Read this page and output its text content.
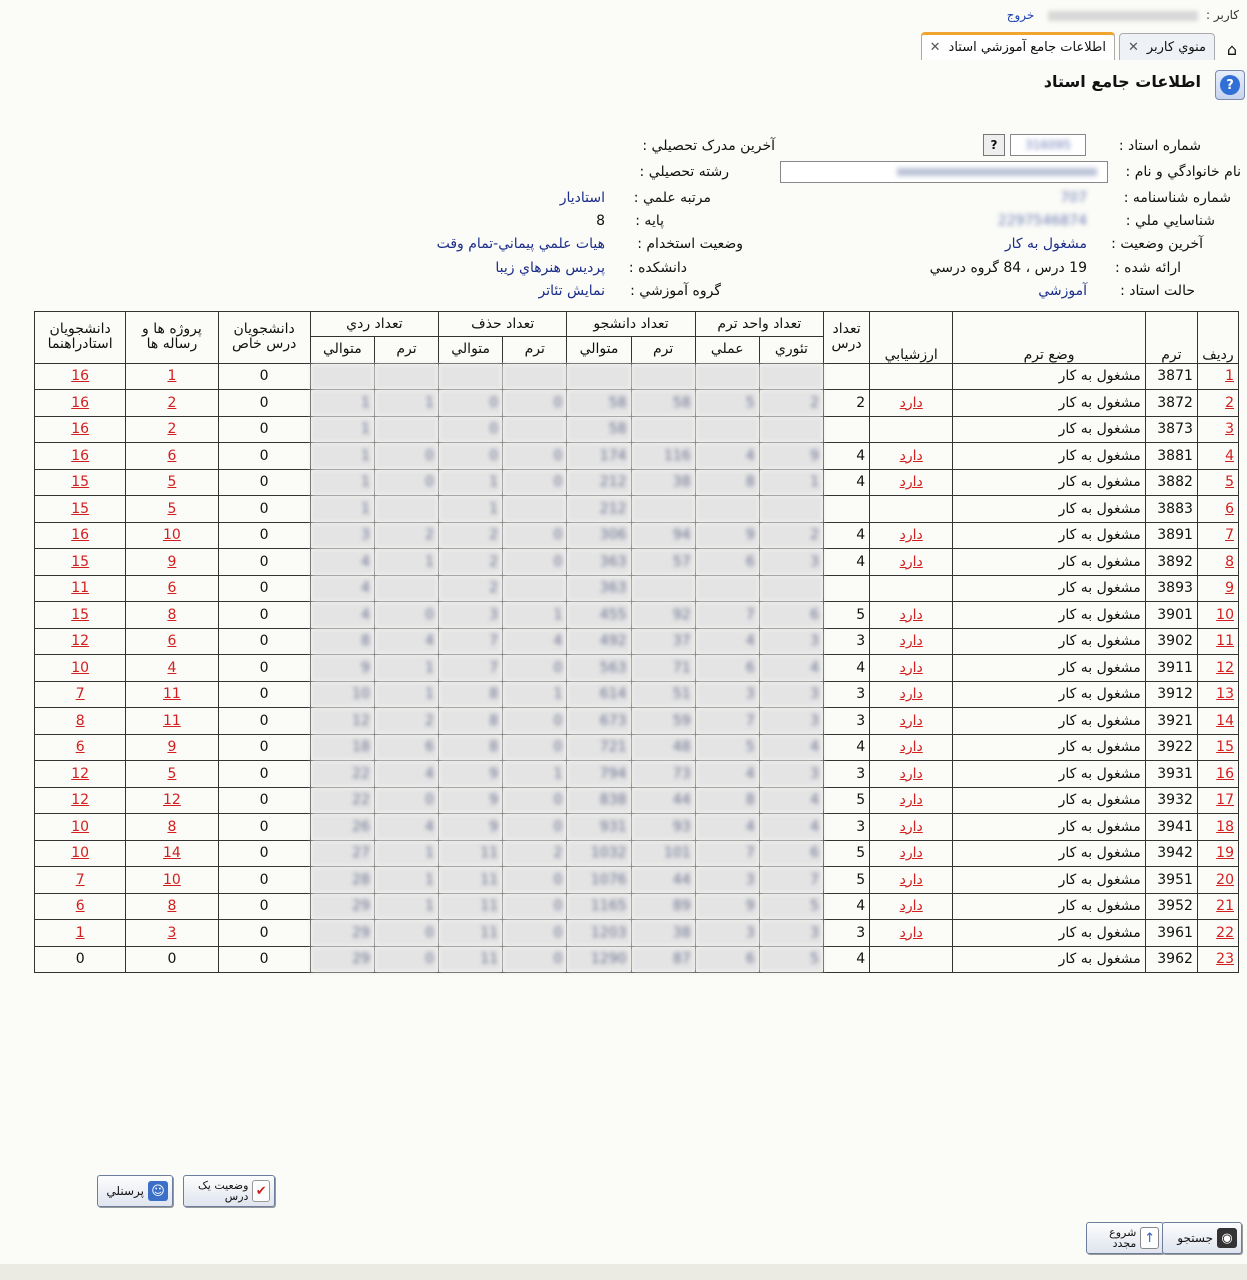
کاربر :  خروج
⌂
منوي کاربر
✕
اطلاعات جامع آموزشي استاد
✕
?
اطلاعات جامع استاد
شماره استاد :
316095
?
نام خانوادگي و نام :
شماره شناسنامه :
707
شناسايي ملي :
2297546874
آخرين وضعيت :
مشغول به کار
ارائه شده :
19 درس ، 84 گروه درسي
حالت استاد :
آموزشي
آخرين مدرک تحصيلي :
رشته تحصيلي :
مرتبه علمي :
استاديار
پايه :
8
وضعيت استخدام :
هيات علمي پيماني-تمام وقت
دانشکده :
پرديس هنرهاي زيبا
گروه آموزشي :
نمايش تئاتر
رديف	ترم	وضع ترم	ارزشيابي	تعداد درس	تعداد واحد ترم		تعداد دانشجو		تعداد حذف		تعداد ردي		دانشجويان درس خاص	پروژه ها و رساله ها	دانشجويان استادراهنما
					تئوري	عملي	ترم	متوالي	ترم	متوالي	ترم	متوالي			
1	3871	مشغول به کار											0	1	16
2	3872	مشغول به کار	دارد	2	2	5	58	58	0	0	1	1	0	2	16
3	3873	مشغول به کار						58		0		1	0	2	16
4	3881	مشغول به کار	دارد	4	9	4	116	174	0	0	0	1	0	6	16
5	3882	مشغول به کار	دارد	4	1	8	38	212	0	1	0	1	0	5	15
6	3883	مشغول به کار						212		1		1	0	5	15
7	3891	مشغول به کار	دارد	4	2	9	94	306	0	2	2	3	0	10	16
8	3892	مشغول به کار	دارد	4	3	6	57	363	0	2	1	4	0	9	15
9	3893	مشغول به کار						363		2		4	0	6	11
10	3901	مشغول به کار	دارد	5	6	7	92	455	1	3	0	4	0	8	15
11	3902	مشغول به کار	دارد	3	3	4	37	492	4	7	4	8	0	6	12
12	3911	مشغول به کار	دارد	4	4	6	71	563	0	7	1	9	0	4	10
13	3912	مشغول به کار	دارد	3	3	3	51	614	1	8	1	10	0	11	7
14	3921	مشغول به کار	دارد	3	3	7	59	673	0	8	2	12	0	11	8
15	3922	مشغول به کار	دارد	4	4	5	48	721	0	8	6	18	0	9	6
16	3931	مشغول به کار	دارد	3	3	4	73	794	1	9	4	22	0	5	12
17	3932	مشغول به کار	دارد	5	4	8	44	838	0	9	0	22	0	12	12
18	3941	مشغول به کار	دارد	3	4	4	93	931	0	9	4	26	0	8	10
19	3942	مشغول به کار	دارد	5	6	7	101	1032	2	11	1	27	0	14	10
20	3951	مشغول به کار	دارد	5	7	3	44	1076	0	11	1	28	0	10	7
21	3952	مشغول به کار	دارد	4	5	9	89	1165	0	11	1	29	0	8	6
22	3961	مشغول به کار	دارد	3	3	3	38	1203	0	11	0	29	0	3	1
23	3962	مشغول به کار		4	5	6	87	1290	0	11	0	29	0	0	0
✔
وضعيت يک درس
☺
پرسنلي
↑
شروع مجدد	◉
جستجو
